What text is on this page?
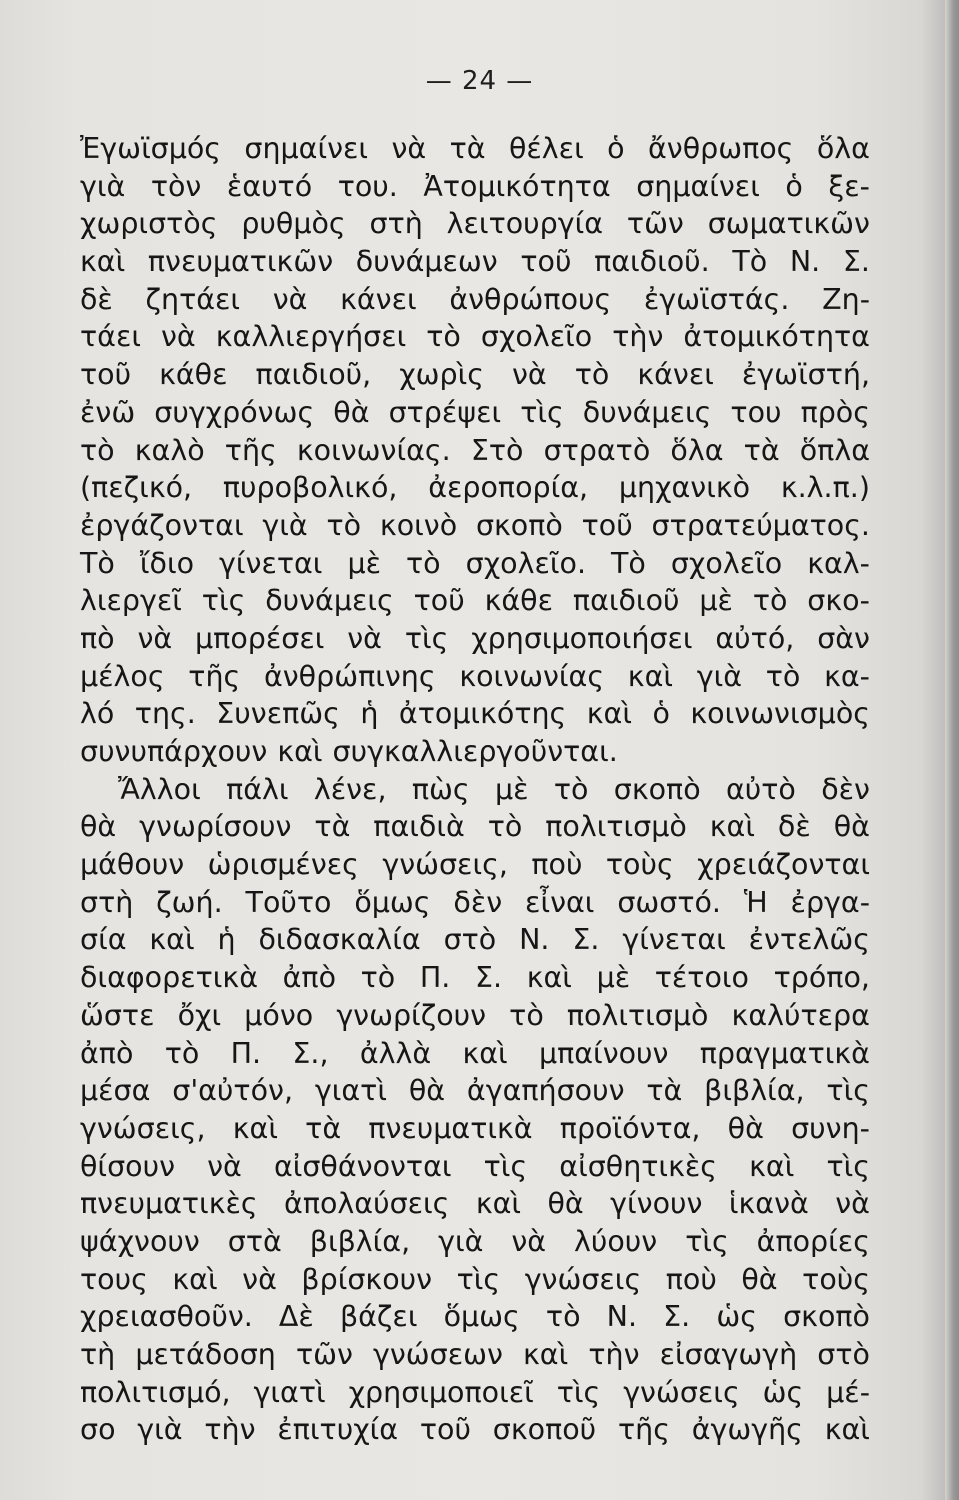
— 24 —
Ἐγωϊσμός σημαίνει νὰ τὰ θέλει ὁ ἄνθρωπος ὅλα
γιὰ τὸν ἑαυτό του. Ἀτομικότητα σημαίνει ὁ ξε-
χωριστὸς ρυθμὸς στὴ λειτουργία τῶν σωματικῶν
καὶ πνευματικῶν δυνάμεων τοῦ παιδιοῦ. Τὸ Ν. Σ.
δὲ ζητάει νὰ κάνει ἀνθρώπους ἐγωϊστάς. Ζη-
τάει νὰ καλλιεργήσει τὸ σχολεῖο τὴν ἀτομικότητα
τοῦ κάθε παιδιοῦ, χωρὶς νὰ τὸ κάνει ἐγωϊστή,
ἐνῶ συγχρόνως θὰ στρέψει τὶς δυνάμεις του πρὸς
τὸ καλὸ τῆς κοινωνίας. Στὸ στρατὸ ὅλα τὰ ὅπλα
(πεζικό, πυροβολικό, ἀεροπορία, μηχανικὸ κ.λ.π.)
ἐργάζονται γιὰ τὸ κοινὸ σκοπὸ τοῦ στρατεύματος.
Τὸ ἴδιο γίνεται μὲ τὸ σχολεῖο. Τὸ σχολεῖο καλ-
λιεργεῖ τὶς δυνάμεις τοῦ κάθε παιδιοῦ μὲ τὸ σκο-
πὸ νὰ μπορέσει νὰ τὶς χρησιμοποιήσει αὐτό, σὰν
μέλος τῆς ἀνθρώπινης κοινωνίας καὶ γιὰ τὸ κα-
λό της. Συνεπῶς ἡ ἀτομικότης καὶ ὁ κοινωνισμὸς
συνυπάρχουν καὶ συγκαλλιεργοῦνται.
Ἄλλοι πάλι λένε, πὼς μὲ τὸ σκοπὸ αὐτὸ δὲν
θὰ γνωρίσουν τὰ παιδιὰ τὸ πολιτισμὸ καὶ δὲ θὰ
μάθουν ὡρισμένες γνώσεις, ποὺ τοὺς χρειάζονται
στὴ ζωή. Τοῦτο ὅμως δὲν εἶναι σωστό. Ἡ ἐργα-
σία καὶ ἡ διδασκαλία στὸ Ν. Σ. γίνεται ἐντελῶς
διαφορετικὰ ἀπὸ τὸ Π. Σ. καὶ μὲ τέτοιο τρόπο,
ὥστε ὄχι μόνο γνωρίζουν τὸ πολιτισμὸ καλύτερα
ἀπὸ τὸ Π. Σ., ἀλλὰ καὶ μπαίνουν πραγματικὰ
μέσα σ'αὐτόν, γιατὶ θὰ ἀγαπήσουν τὰ βιβλία, τὶς
γνώσεις, καὶ τὰ πνευματικὰ προϊόντα, θὰ συνη-
θίσουν νὰ αἰσθάνονται τὶς αἰσθητικὲς καὶ τὶς
πνευματικὲς ἀπολαύσεις καὶ θὰ γίνουν ἱκανὰ νὰ
ψάχνουν στὰ βιβλία, γιὰ νὰ λύουν τὶς ἀπορίες
τους καὶ νὰ βρίσκουν τὶς γνώσεις ποὺ θὰ τοὺς
χρειασθοῦν. Δὲ βάζει ὅμως τὸ Ν. Σ. ὡς σκοπὸ
τὴ μετάδοση τῶν γνώσεων καὶ τὴν εἰσαγωγὴ στὸ
πολιτισμό, γιατὶ χρησιμοποιεῖ τὶς γνώσεις ὡς μέ-
σο γιὰ τὴν ἐπιτυχία τοῦ σκοποῦ τῆς ἀγωγῆς καὶ
